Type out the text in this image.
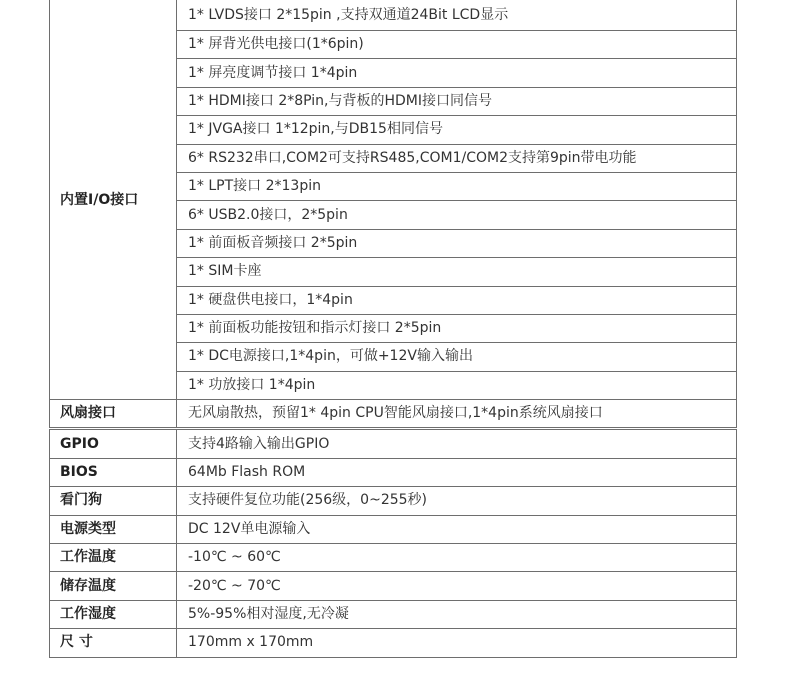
内置I/O接口	1* LVDS接口 2*15pin ,支持双通道24Bit LCD显示
	1* 屏背光供电接口(1*6pin)
	1* 屏亮度调节接口 1*4pin
	1* HDMI接口 2*8Pin,与背板的HDMI接口同信号
	1* JVGA接口 1*12pin,与DB15相同信号
	6* RS232串口,COM2可支持RS485,COM1/COM2支持第9pin带电功能
	1* LPT接口 2*13pin
	6* USB2.0接口，2*5pin
	1* 前面板音频接口 2*5pin
	1* SIM卡座
	1* 硬盘供电接口，1*4pin
	1* 前面板功能按钮和指示灯接口 2*5pin
	1* DC电源接口,1*4pin，可做+12V输入输出
	1* 功放接口 1*4pin
风扇接口	无风扇散热，预留1* 4pin CPU智能风扇接口,1*4pin系统风扇接口
GPIO	支持4路输入输出GPIO
BIOS	64Mb Flash ROM
看门狗	支持硬件复位功能(256级，0~255秒)
电源类型	DC 12V单电源输入
工作温度	-10℃ ~ 60℃
储存温度	-20℃ ~ 70℃
工作湿度	5%-95%相对湿度,无冷凝
尺 寸	170mm x 170mm
